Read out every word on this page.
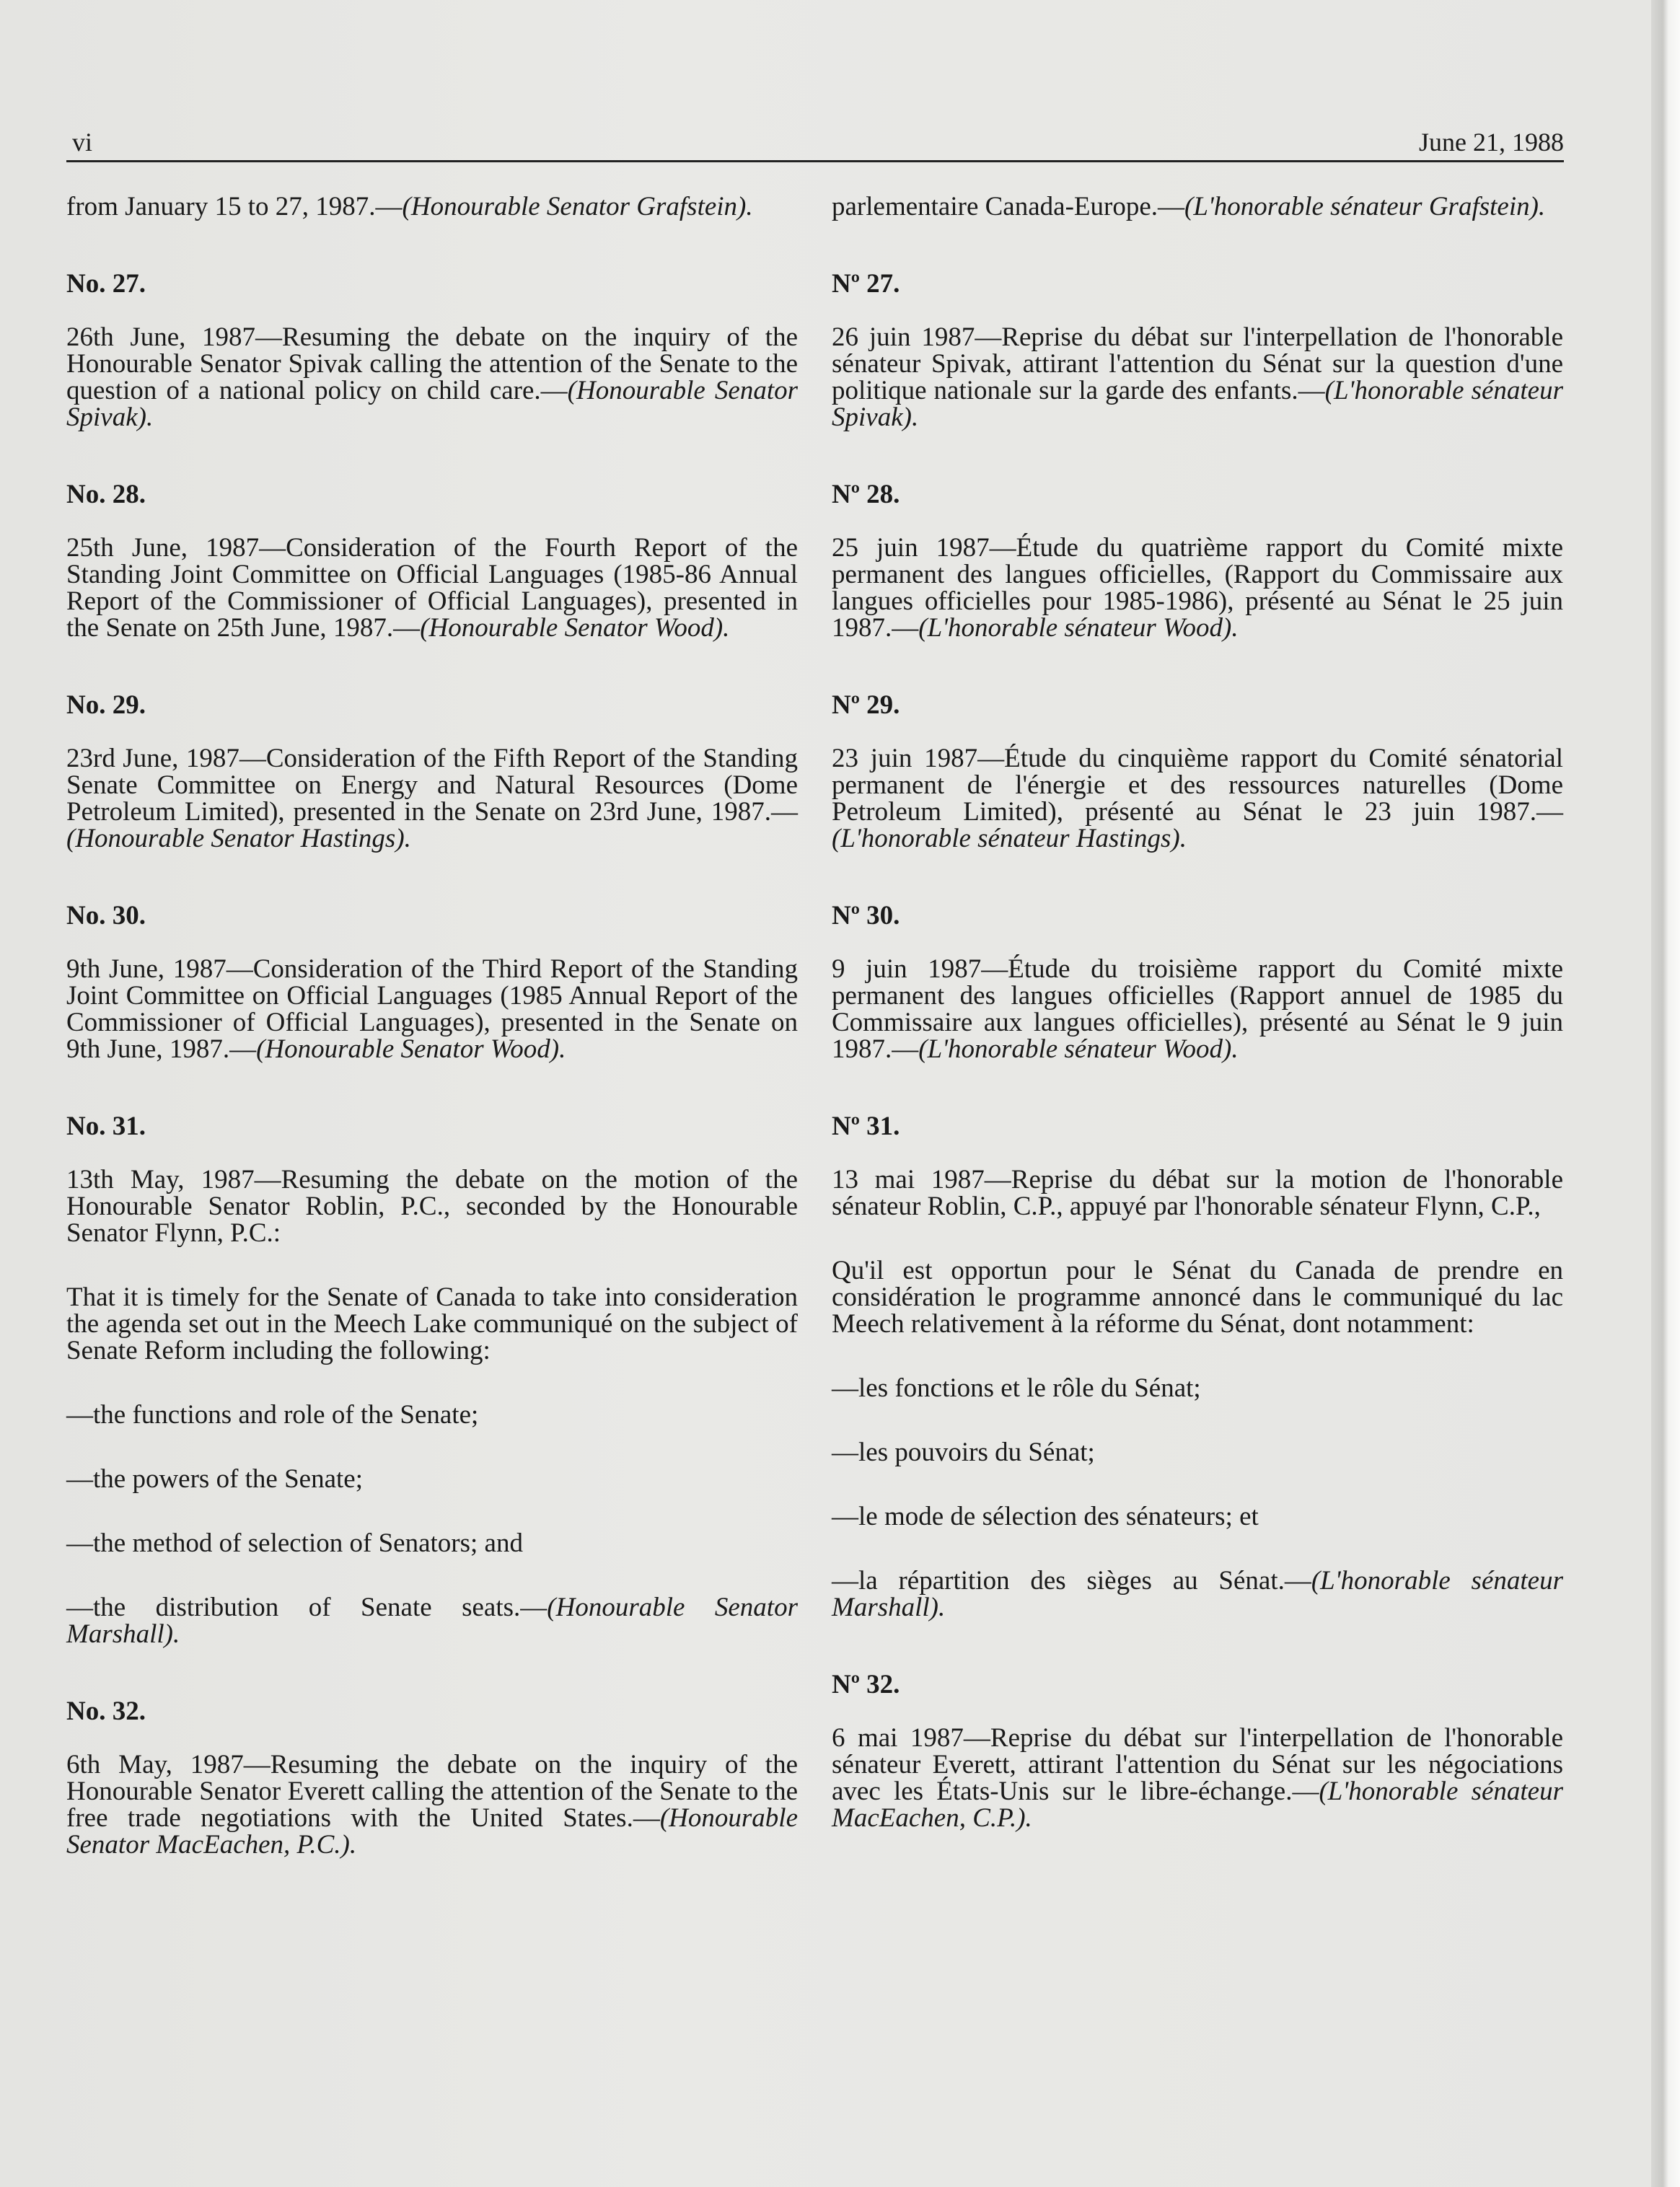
vi	June 21, 1988

from January 15 to 27, 1987.—(Honourable Senator Grafstein).

No. 27.

26th June, 1987—Resuming the debate on the inquiry of the Honourable Senator Spivak calling the attention of the Senate to the question of a national policy on child care.—(Honourable Senator Spivak).

No. 28.

25th June, 1987—Consideration of the Fourth Report of the Standing Joint Committee on Official Languages (1985-86 Annual Report of the Commissioner of Official Languages), presented in the Senate on 25th June, 1987.—(Honourable Senator Wood).

No. 29.

23rd June, 1987—Consideration of the Fifth Report of the Standing Senate Committee on Energy and Natural Resources (Dome Petroleum Limited), presented in the Senate on 23rd June, 1987.—(Honourable Senator Hastings).

No. 30.

9th June, 1987—Consideration of the Third Report of the Standing Joint Committee on Official Languages (1985 Annual Report of the Commissioner of Official Languages), presented in the Senate on 9th June, 1987.—(Honourable Senator Wood).

No. 31.

13th May, 1987—Resuming the debate on the motion of the Honourable Senator Roblin, P.C., seconded by the Honourable Senator Flynn, P.C.:

That it is timely for the Senate of Canada to take into consideration the agenda set out in the Meech Lake communiqué on the subject of Senate Reform including the following:

—the functions and role of the Senate;

—the powers of the Senate;

—the method of selection of Senators; and

—the distribution of Senate seats.—(Honourable Senator Marshall).

No. 32.

6th May, 1987—Resuming the debate on the inquiry of the Honourable Senator Everett calling the attention of the Senate to the free trade negotiations with the United States.—(Honourable Senator MacEachen, P.C.).

parlementaire Canada-Europe.—(L'honorable sénateur Grafstein).

Nº 27.

26 juin 1987—Reprise du débat sur l'interpellation de l'honorable sénateur Spivak, attirant l'attention du Sénat sur la question d'une politique nationale sur la garde des enfants.—(L'honorable sénateur Spivak).

Nº 28.

25 juin 1987—Étude du quatrième rapport du Comité mixte permanent des langues officielles, (Rapport du Commissaire aux langues officielles pour 1985-1986), présenté au Sénat le 25 juin 1987.—(L'honorable sénateur Wood).

Nº 29.

23 juin 1987—Étude du cinquième rapport du Comité sénatorial permanent de l'énergie et des ressources naturelles (Dome Petroleum Limited), présenté au Sénat le 23 juin 1987.—(L'honorable sénateur Hastings).

Nº 30.

9 juin 1987—Étude du troisième rapport du Comité mixte permanent des langues officielles (Rapport annuel de 1985 du Commissaire aux langues officielles), présenté au Sénat le 9 juin 1987.—(L'honorable sénateur Wood).

Nº 31.

13 mai 1987—Reprise du débat sur la motion de l'honorable sénateur Roblin, C.P., appuyé par l'honorable sénateur Flynn, C.P.,

Qu'il est opportun pour le Sénat du Canada de prendre en considération le programme annoncé dans le communiqué du lac Meech relativement à la réforme du Sénat, dont notamment:

—les fonctions et le rôle du Sénat;

—les pouvoirs du Sénat;

—le mode de sélection des sénateurs; et

—la répartition des sièges au Sénat.—(L'honorable sénateur Marshall).

Nº 32.

6 mai 1987—Reprise du débat sur l'interpellation de l'honorable sénateur Everett, attirant l'attention du Sénat sur les négociations avec les États-Unis sur le libre-échange.—(L'honorable sénateur MacEachen, C.P.).
